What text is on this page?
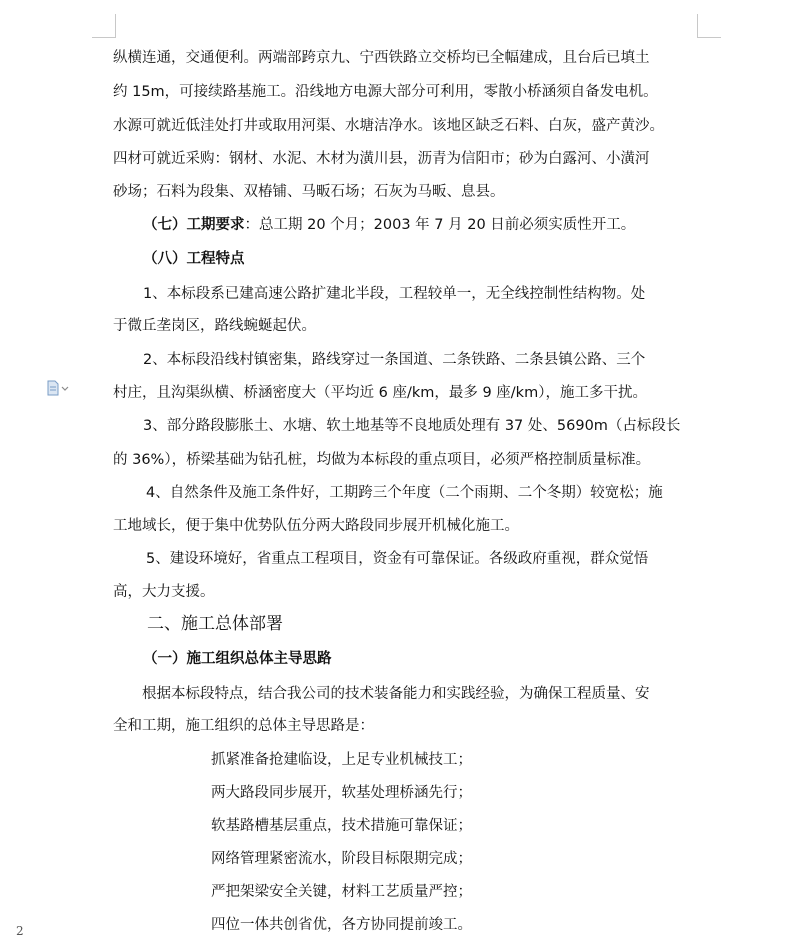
纵横连通，交通便利。两端部跨京九、宁西铁路立交桥均已全幅建成，且台后已填土
约 15m，可接续路基施工。沿线地方电源大部分可利用，零散小桥涵须自备发电机。
水源可就近低洼处打井或取用河渠、水塘洁净水。该地区缺乏石料、白灰，盛产黄沙。
四材可就近采购：钢材、水泥、木材为潢川县，沥青为信阳市；砂为白露河、小潢河
砂场；石料为段集、双椿铺、马畈石场；石灰为马畈、息县。
（七）工期要求：总工期 20 个月；2003 年 7 月 20 日前必须实质性开工。
（八）工程特点
1、本标段系已建高速公路扩建北半段，工程较单一，无全线控制性结构物。处
于微丘垄岗区，路线蜿蜒起伏。
2、本标段沿线村镇密集，路线穿过一条国道、二条铁路、二条县镇公路、三个
村庄，且沟渠纵横、桥涵密度大（平均近 6 座/km，最多 9 座/km），施工多干扰。
3、部分路段膨胀土、水塘、软土地基等不良地质处理有 37 处、5690m（占标段长
的 36%），桥梁基础为钻孔桩，均做为本标段的重点项目，必须严格控制质量标准。
4、自然条件及施工条件好，工期跨三个年度（二个雨期、二个冬期）较宽松；施
工地域长，便于集中优势队伍分两大路段同步展开机械化施工。
5、建设环境好，省重点工程项目，资金有可靠保证。各级政府重视，群众觉悟
高，大力支援。
二、施工总体部署
（一）施工组织总体主导思路
根据本标段特点，结合我公司的技术装备能力和实践经验，为确保工程质量、安
全和工期，施工组织的总体主导思路是：
抓紧准备抢建临设，上足专业机械技工；
两大路段同步展开，软基处理桥涵先行；
软基路槽基层重点，技术措施可靠保证；
网络管理紧密流水，阶段目标限期完成；
严把架梁安全关键，材料工艺质量严控；
四位一体共创省优，各方协同提前竣工。
2
